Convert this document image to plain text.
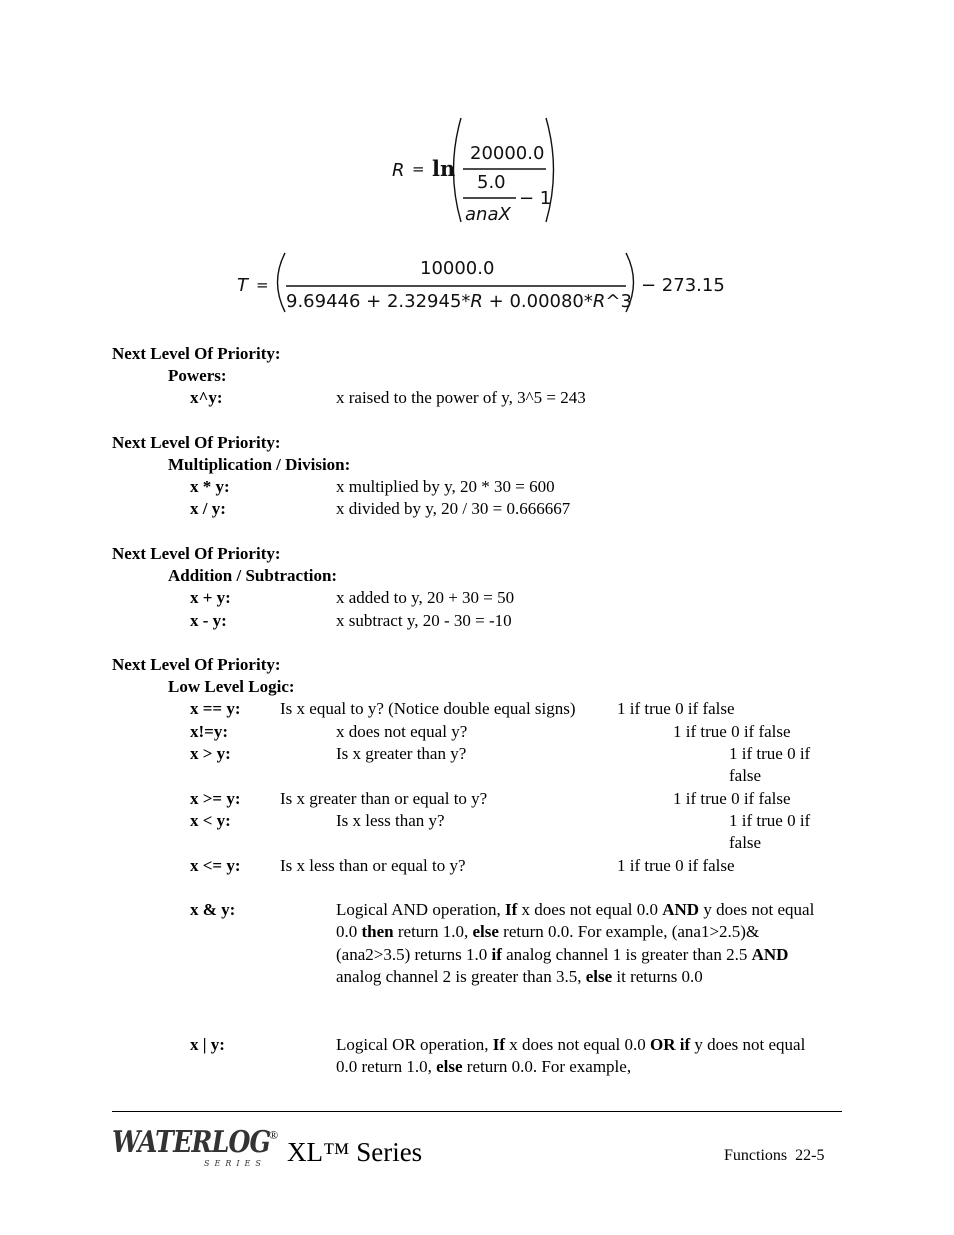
R = ln
20000.0
5.0
anaX
− 1
T =
10000.0
9.69446 + 2.32945*R + 0.00080*R^3
− 273.15
Next Level Of Priority:
Powers:
x^y:	x raised to the power of y, 3^5 = 243
Next Level Of Priority:
Multiplication / Division:
x * y:	x multiplied by y, 20 * 30 = 600
x / y:	x divided by y, 20 / 30 = 0.666667
Next Level Of Priority:
Addition / Subtraction:
x + y:	x added to y, 20 + 30 = 50
x - y:	x subtract y, 20 - 30 = -10
Next Level Of Priority:
Low Level Logic:
x == y: Is x equal to y? (Notice double equal signs) 1 if true 0 if false
x!=y:	x does not equal y?	1 if true 0 if false
x > y:	Is x greater than y?	1 if true 0 if
false
x >= y: Is x greater than or equal to y?	1 if true 0 if false
x < y:	Is x less than y?	1 if true 0 if
false
x <= y: Is x less than or equal to y?	1 if true 0 if false
x & y:	Logical AND operation, If x does not equal 0.0 AND y does not equal 0.0 then return 1.0, else return 0.0. For example, (ana1>2.5)&(ana2>3.5) returns 1.0 if analog channel 1 is greater than 2.5 AND analog channel 2 is greater than 3.5, else it returns 0.0
x | y:	Logical OR operation, If x does not equal 0.0 OR if y does not equal 0.0 return 1.0, else return 0.0. For example,
WATERLOG
SERIES
®
XL™ Series	Functions  22-5
